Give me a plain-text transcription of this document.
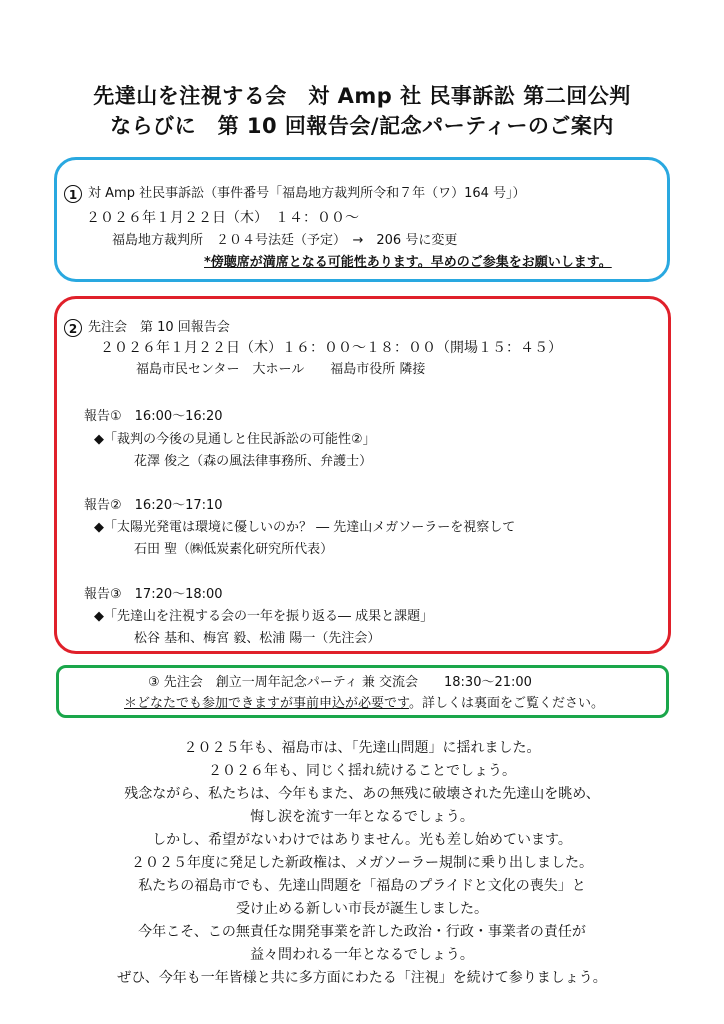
先達山を注視する会　対 Amp 社 民事訴訟 第二回公判
ならびに　第 10 回報告会/記念パーティーのご案内
1 対 Amp 社民事訴訟（事件番号「福島地方裁判所令和７年（ワ）164 号」）
２０２６年１月２２日（木）　１４：００～
福島地方裁判所　２０４号法廷（予定）　→　206 号に変更
*傍聴席が満席となる可能性あります。早めのご参集をお願いします。
2 先注会　第 10 回報告会
２０２６年１月２２日（木）１６：００～１８：００（開場１５：４５）
福島市民センター　大ホール　　福島市役所 隣接
報告①　16:00～16:20
◆「裁判の今後の見通しと住民訴訟の可能性②」
花澤 俊之（森の風法律事務所、弁護士）
報告②　16:20～17:10
◆「太陽光発電は環境に優しいのか？ ― 先達山メガソーラーを視察して
石田 聖（㈱低炭素化研究所代表）
報告③　17:20～18:00
◆「先達山を注視する会の一年を振り返る― 成果と課題」
松谷 基和、梅宮 毅、松浦 陽一（先注会）
③ 先注会　創立一周年記念パーティ 兼 交流会　　18:30～21:00
＊どなたでも参加できますが事前申込が必要です。詳しくは裏面をご覧ください。
２０２５年も、福島市は、「先達山問題」に揺れました。
２０２６年も、同じく揺れ続けることでしょう。
残念ながら、私たちは、今年もまた、あの無残に破壊された先達山を眺め、
悔し涙を流す一年となるでしょう。
しかし、希望がないわけではありません。光も差し始めています。
２０２５年度に発足した新政権は、メガソーラー規制に乗り出しました。
私たちの福島市でも、先達山問題を「福島のプライドと文化の喪失」と
受け止める新しい市長が誕生しました。
今年こそ、この無責任な開発事業を許した政治・行政・事業者の責任が
益々問われる一年となるでしょう。
ぜひ、今年も一年皆様と共に多方面にわたる「注視」を続けて参りましょう。
